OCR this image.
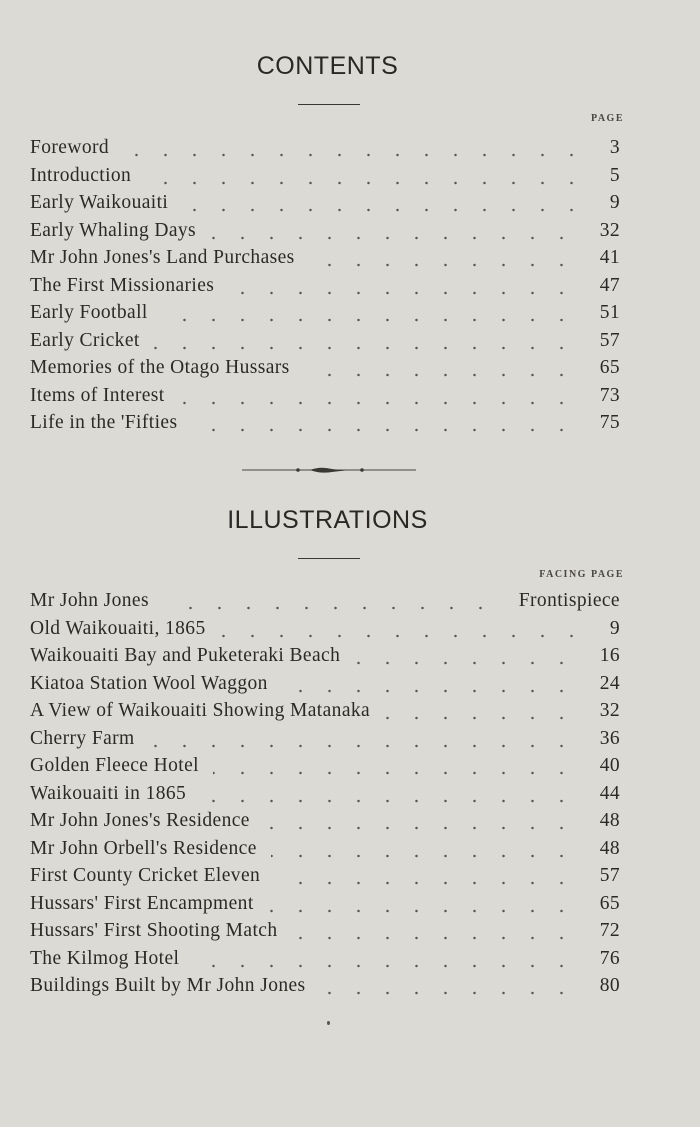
CONTENTS
PAGE
Foreword	3
Introduction	5
Early Waikouaiti	9
Early Whaling Days	32
Mr John Jones's Land Purchases	41
The First Missionaries	47
Early Football	51
Early Cricket	57
Memories of the Otago Hussars	65
Items of Interest	73
Life in the 'Fifties	75
ILLUSTRATIONS
FACING PAGE
Mr John Jones	Frontispiece
Old Waikouaiti, 1865	9
Waikouaiti Bay and Puketeraki Beach	16
Kiatoa Station Wool Waggon	24
A View of Waikouaiti Showing Matanaka	32
Cherry Farm	36
Golden Fleece Hotel	40
Waikouaiti in 1865	44
Mr John Jones's Residence	48
Mr John Orbell's Residence	48
First County Cricket Eleven	57
Hussars' First Encampment	65
Hussars' First Shooting Match	72
The Kilmog Hotel	76
Buildings Built by Mr John Jones	80
